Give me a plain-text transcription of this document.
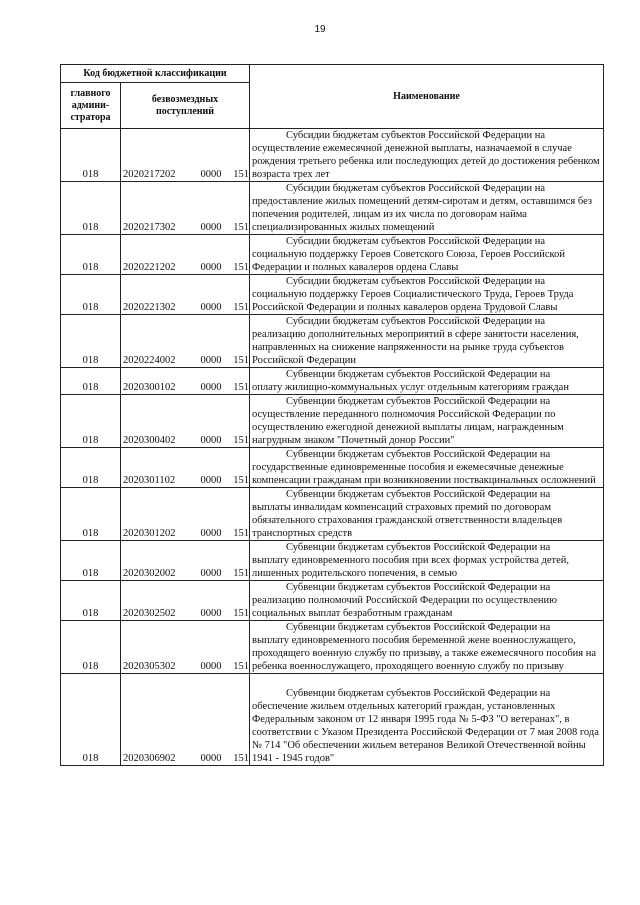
19
Код бюджетной классификации		Наименование
главного админи-стратора	безвозмездных поступлений	
018	2020217202 0000 151	Субсидии бюджетам субъектов Российской Федерации на
осуществление ежемесячной денежной выплаты, назначаемой в случае рождения третьего ребенка или последующих детей до достижения ребенком возраста трех лет
018	2020217302 0000 151	Субсидии бюджетам субъектов Российской Федерации на
предоставление жилых помещений детям-сиротам и детям, оставшимся без попечения родителей, лицам из их числа по договорам найма специализированных жилых помещений
018	2020221202 0000 151	Субсидии бюджетам субъектов Российской Федерации на
социальную поддержку Героев Советского Союза, Героев Российской Федерации и полных кавалеров ордена Славы
018	2020221302 0000 151	Субсидии бюджетам субъектов Российской Федерации на
социальную поддержку Героев Социалистического Труда, Героев Труда Российской Федерации и полных кавалеров ордена Трудовой Славы
018	2020224002 0000 151	Субсидии бюджетам субъектов Российской Федерации на
реализацию дополнительных мероприятий в сфере занятости населения, направленных на снижение напряженности на рынке труда субъектов Российской Федерации
018	2020300102 0000 151	Субвенции бюджетам субъектов Российской Федерации на
оплату жилищно-коммунальных услуг отдельным категориям граждан
018	2020300402 0000 151	Субвенции бюджетам субъектов Российской Федерации на
осуществление переданного полномочия Российской Федерации по осуществлению ежегодной денежной выплаты лицам, награжденным нагрудным знаком "Почетный донор России"
018	2020301102 0000 151	Субвенции бюджетам субъектов Российской Федерации на
государственные единовременные пособия и ежемесячные денежные компенсации гражданам при возникновении поствакцинальных осложнений
018	2020301202 0000 151	Субвенции бюджетам субъектов Российской Федерации на
выплаты инвалидам компенсаций страховых премий по договорам обязательного страхования гражданской ответственности владельцев транспортных средств
018	2020302002 0000 151	Субвенции бюджетам субъектов Российской Федерации на
выплату единовременного пособия при всех формах устройства детей, лишенных родительского попечения, в семью
018	2020302502 0000 151	Субвенции бюджетам субъектов Российской Федерации на
реализацию полномочий Российской Федерации по осуществлению социальных выплат безработным гражданам
018	2020305302 0000 151	Субвенции бюджетам субъектов Российской Федерации на
выплату единовременного пособия беременной жене военнослужащего, проходящего военную службу по призыву, а также ежемесячного пособия на ребенка военнослужащего, проходящего военную службу по призыву
018	2020306902 0000 151	Субвенции бюджетам субъектов Российской Федерации на
обеспечение жильем отдельных категорий граждан, установленных Федеральным законом от 12 января 1995 года № 5-ФЗ "О ветеранах", в соответствии с Указом Президента Российской Федерации от 7 мая 2008 года № 714 "Об обеспечении жильем ветеранов Великой Отечественной войны 1941 - 1945 годов"
